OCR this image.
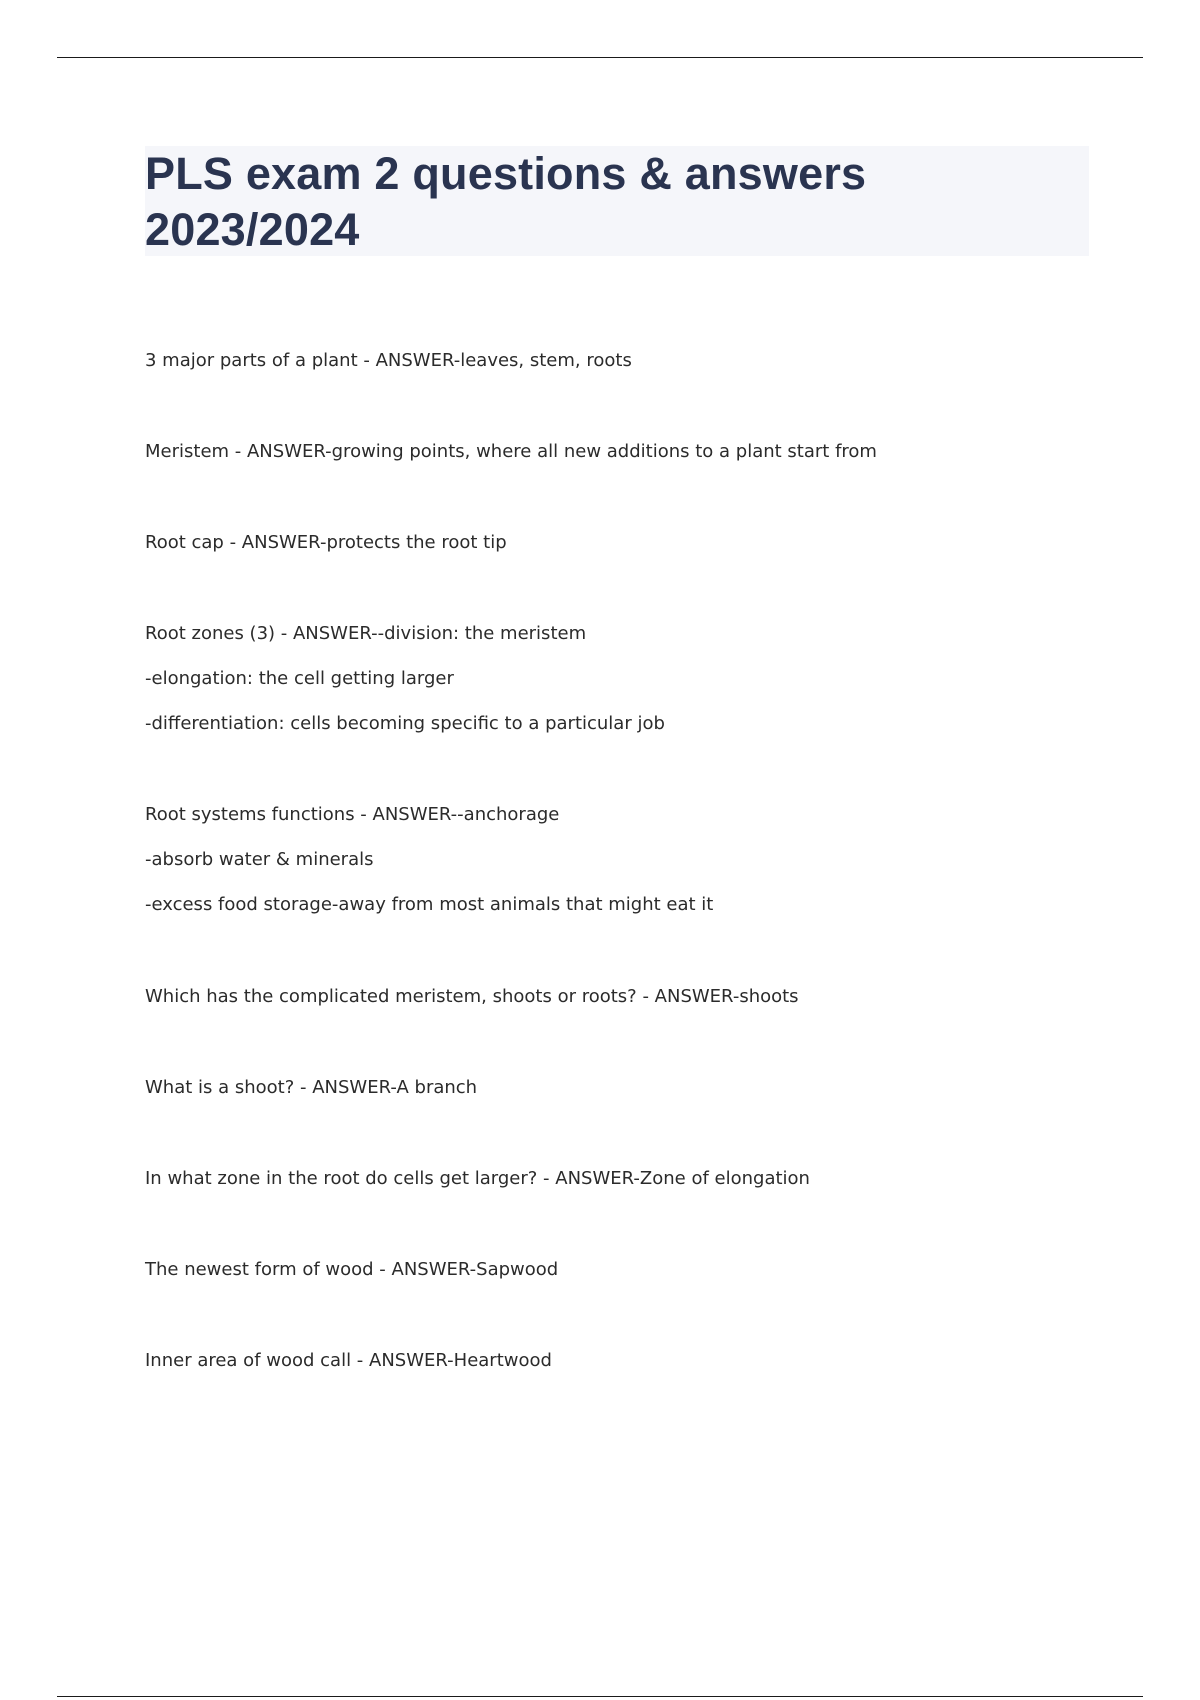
PLS exam 2 questions & answers 2023/2024
3 major parts of a plant - ANSWER-leaves, stem, roots
Meristem - ANSWER-growing points, where all new additions to a plant start from
Root cap - ANSWER-protects the root tip
Root zones (3) - ANSWER--division: the meristem
-elongation: the cell getting larger
-differentiation: cells becoming specific to a particular job
Root systems functions - ANSWER--anchorage
-absorb water & minerals
-excess food storage-away from most animals that might eat it
Which has the complicated meristem, shoots or roots? - ANSWER-shoots
What is a shoot? - ANSWER-A branch
In what zone in the root do cells get larger? - ANSWER-Zone of elongation
The newest form of wood - ANSWER-Sapwood
Inner area of wood call - ANSWER-Heartwood
